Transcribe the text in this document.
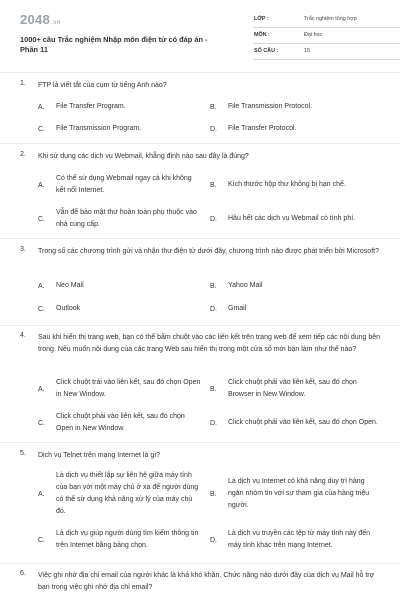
2048.vn
1000+ câu Trắc nghiệm Nhập môn điện tử có đáp án - Phần 11
LỚP :	Trắc nghiệm tổng hợp
MÔN :	Đại học
SỐ CÂU :	15
1. FTP là viết tắt của cụm từ tiếng Anh nào?
A.	File Transfer Program.	B.	File Transmission Protocol.
C.	File Transmission Program.	D.	File Transfer Protocol.
2. Khi sử dụng các dịch vụ Webmail, khẳng định nào sau đây là đúng?
A.
Có thể sử dụng Webmail ngay cả khi không kết nối Internet.
B.	Kích thước hộp thư không bị hạn chế.
C.
Vẫn để bảo mật thư hoàn toàn phụ thuộc vào nhà cung cấp.
D.	Hầu hết các dịch vụ Webmail có tính phí.
3. Trong số các chương trình gửi và nhận thư điện tử dưới đây, chương trình nào được phát triển bởi Microsoft?
A.	Neo Mail	B.	Yahoo Mail
C.	Outlook	D.	Gmail
4. Sau khi hiển thị trang web, bạn có thể bấm chuột vào các liên kết trên trang web để xem tiếp các nội dung bên trong. Nếu muốn nội dung của các trang Web sau hiển thị trong một cửa sổ mới bạn làm như thế nào?
A.
Click chuột trái vào liên kết, sau đó chọn Open in New Window.
B.
Click chuột phải vào liên kết, sau đó chọn Browser in New Window.
C.
Click chuột phải vào liên kết, sau đó chọn Open in New Window.
D.	Click chuột phải vào liên kết, sau đó chọn Open.
5. Dịch vụ Telnet trên mạng Internet là gì?
A.
Là dịch vụ thiết lập sự liên hệ giữa máy tính của bạn với một máy chủ ở xa để người dùng có thể sử dụng khả năng xử lý của máy chủ đó.
B.
Là dịch vụ Internet có khả năng duy trì hàng ngàn nhóm tin với sự tham gia của hàng triệu người.
C.
Là dịch vụ giúp người dùng tìm kiếm thông tin trên Internet bằng bảng chọn.
D.
Là dịch vụ truyền các tệp từ máy tính này đến máy tính khác trên mạng Internet.
6. Việc ghi nhớ địa chỉ email của người khác là khá khó khăn. Chức năng nào dưới đây của dịch vụ Mail hỗ trợ bạn trong việc ghi nhớ địa chỉ email?
